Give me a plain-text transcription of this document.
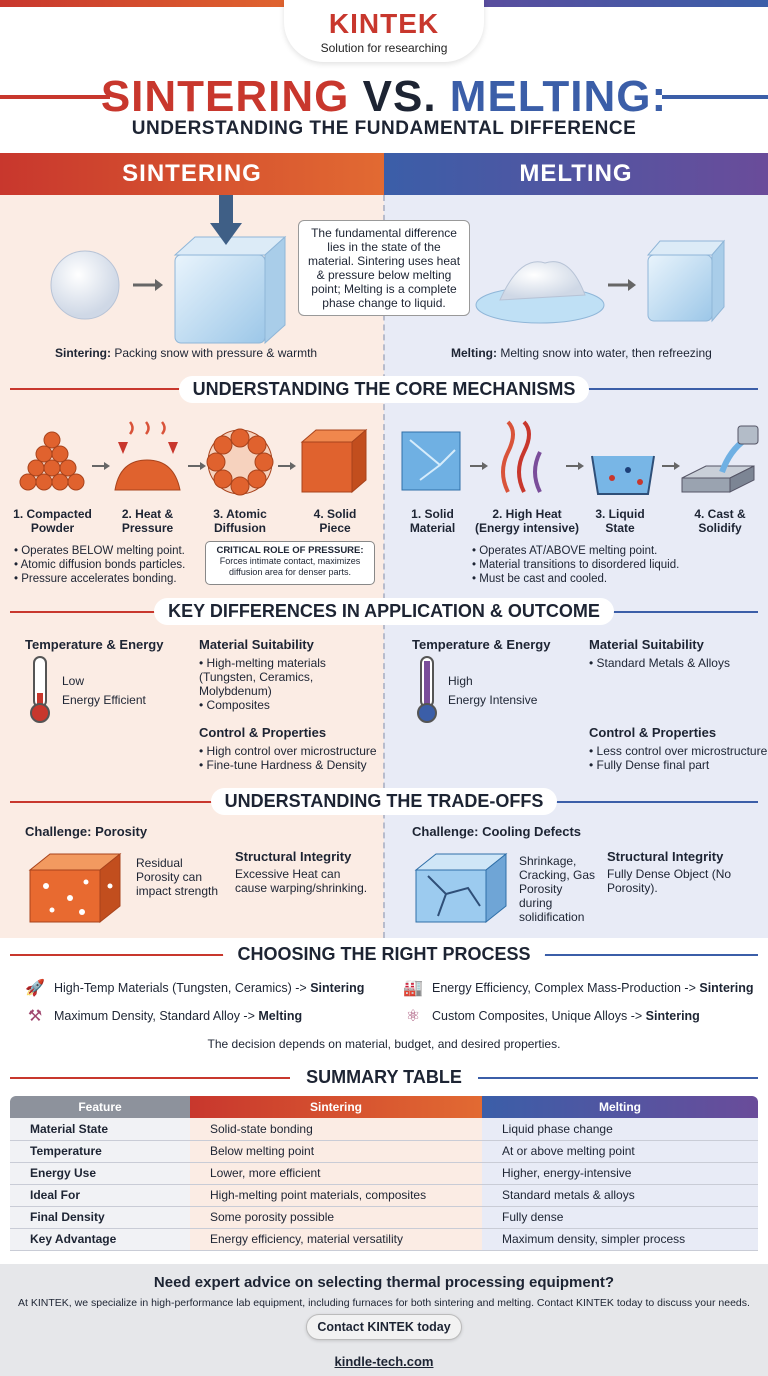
KINTEK
Solution for researching
SINTERING VS. MELTING:
UNDERSTANDING THE FUNDAMENTAL DIFFERENCE
SINTERING	MELTING
The fundamental difference lies in the state of the material. Sintering uses heat & pressure below melting point; Melting is a complete phase change to liquid.
Sintering: Packing snow with pressure & warmth	Melting: Melting snow into water, then refreezing
UNDERSTANDING THE CORE MECHANISMS
1. Compacted
Powder
2. Heat &
Pressure
3. Atomic
Diffusion
4. Solid
Piece
1. Solid
Material
2. High Heat
(Energy intensive)
3. Liquid
State
4. Cast &
Solidify
• Operates BELOW melting point.
• Atomic diffusion bonds particles.
• Pressure accelerates bonding.
CRITICAL ROLE OF PRESSURE:
Forces intimate contact, maximizes diffusion area for denser parts.
• Operates AT/ABOVE melting point.
• Material transitions to disordered liquid.
• Must be cast and cooled.
KEY DIFFERENCES IN APPLICATION & OUTCOME
Temperature & Energy
Low
Energy Efficient
Material Suitability
• High-melting materials (Tungsten, Ceramics, Molybdenum)
• Composites
Control & Properties
• High control over microstructure
• Fine-tune Hardness & Density
Temperature & Energy
High
Energy Intensive
Material Suitability
• Standard Metals & Alloys
Control & Properties
• Less control over microstructure
• Fully Dense final part
UNDERSTANDING THE TRADE-OFFS
Challenge: Porosity
Residual Porosity can impact strength
Structural Integrity
Excessive Heat can cause warping/shrinking.
Challenge: Cooling Defects
Shrinkage, Cracking, Gas Porosity during solidification
Structural Integrity
Fully Dense Object (No Porosity).
CHOOSING THE RIGHT PROCESS
🚀 High-Temp Materials (Tungsten, Ceramics) -> Sintering 🏭 Energy Efficiency, Complex Mass-Production -> Sintering
⚒ Maximum Density, Standard Alloy -> Melting	⚛ Custom Composites, Unique Alloys -> Sintering
The decision depends on material, budget, and desired properties.
SUMMARY TABLE
Feature	Sintering	Melting
Material State	Solid-state bonding	Liquid phase change
Temperature	Below melting point	At or above melting point
Energy Use	Lower, more efficient	Higher, energy-intensive
Ideal For	High-melting point materials, composites	Standard metals & alloys
Final Density	Some porosity possible	Fully dense
Key Advantage	Energy efficiency, material versatility	Maximum density, simpler process
Need expert advice on selecting thermal processing equipment?
At KINTEK, we specialize in high-performance lab equipment, including furnaces for both sintering and melting. Contact KINTEK today to discuss your needs.
Contact KINTEK today
kindle-tech.com
